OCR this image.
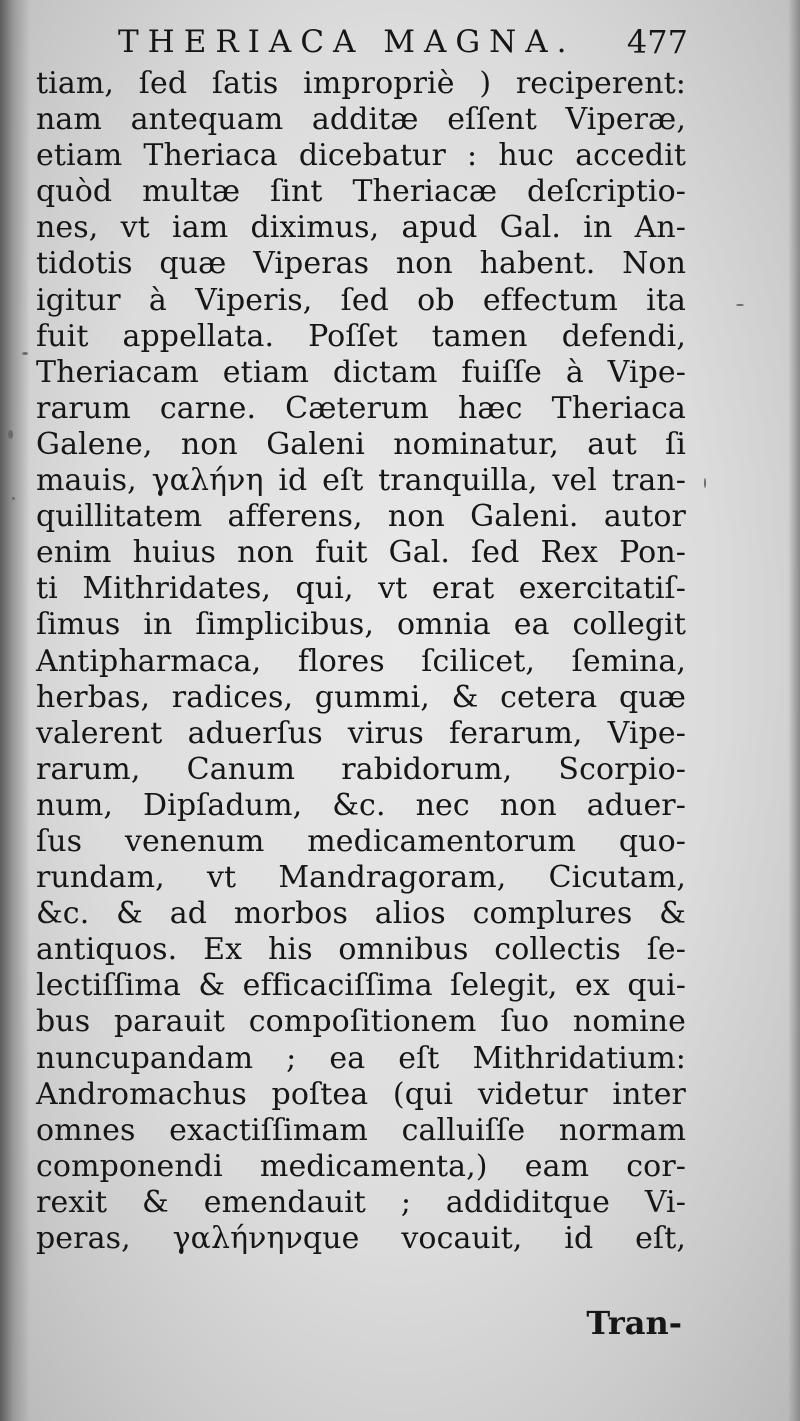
THERIACA MAGNA. 477
tiam, ſed ſatis impropriè ) reciperent:
nam antequam additæ eſſent Viperæ,
etiam Theriaca dicebatur : huc accedit
quòd multæ ſint Theriacæ deſcriptio-
nes, vt iam diximus, apud Gal. in An-
tidotis quæ Viperas non habent. Non
igitur à Viperis, ſed ob effectum ita
fuit appellata. Poſſet tamen defendi,
Theriacam etiam dictam fuiſſe à Vipe-
rarum carne. Cæterum hæc Theriaca
Galene, non Galeni nominatur, aut ſi
mauis, γαλήνη id eſt tranquilla, vel tran-
quillitatem afferens, non Galeni. autor
enim huius non fuit Gal. ſed Rex Pon-
ti Mithridates, qui, vt erat exercitatiſ-
ſimus in ſimplicibus, omnia ea collegit
Antipharmaca, flores ſcilicet, ſemina,
herbas, radices, gummi, & cetera quæ
valerent aduerſus virus ferarum, Vipe-
rarum, Canum rabidorum, Scorpio-
num, Dipſadum, &c. nec non aduer-
ſus venenum medicamentorum quo-
rundam, vt Mandragoram, Cicutam,
&c. & ad morbos alios complures &
antiquos. Ex his omnibus collectis ſe-
lectiſſima & efficaciſſima ſelegit, ex qui-
bus parauit compoſitionem ſuo nomine
nuncupandam ; ea eſt Mithridatium:
Andromachus poſtea (qui videtur inter
omnes exactiſſimam calluiſſe normam
componendi medicamenta,) eam cor-
rexit & emendauit ; addiditque Vi-
peras, γαλήνηνque vocauit, id eſt,
Tran-
